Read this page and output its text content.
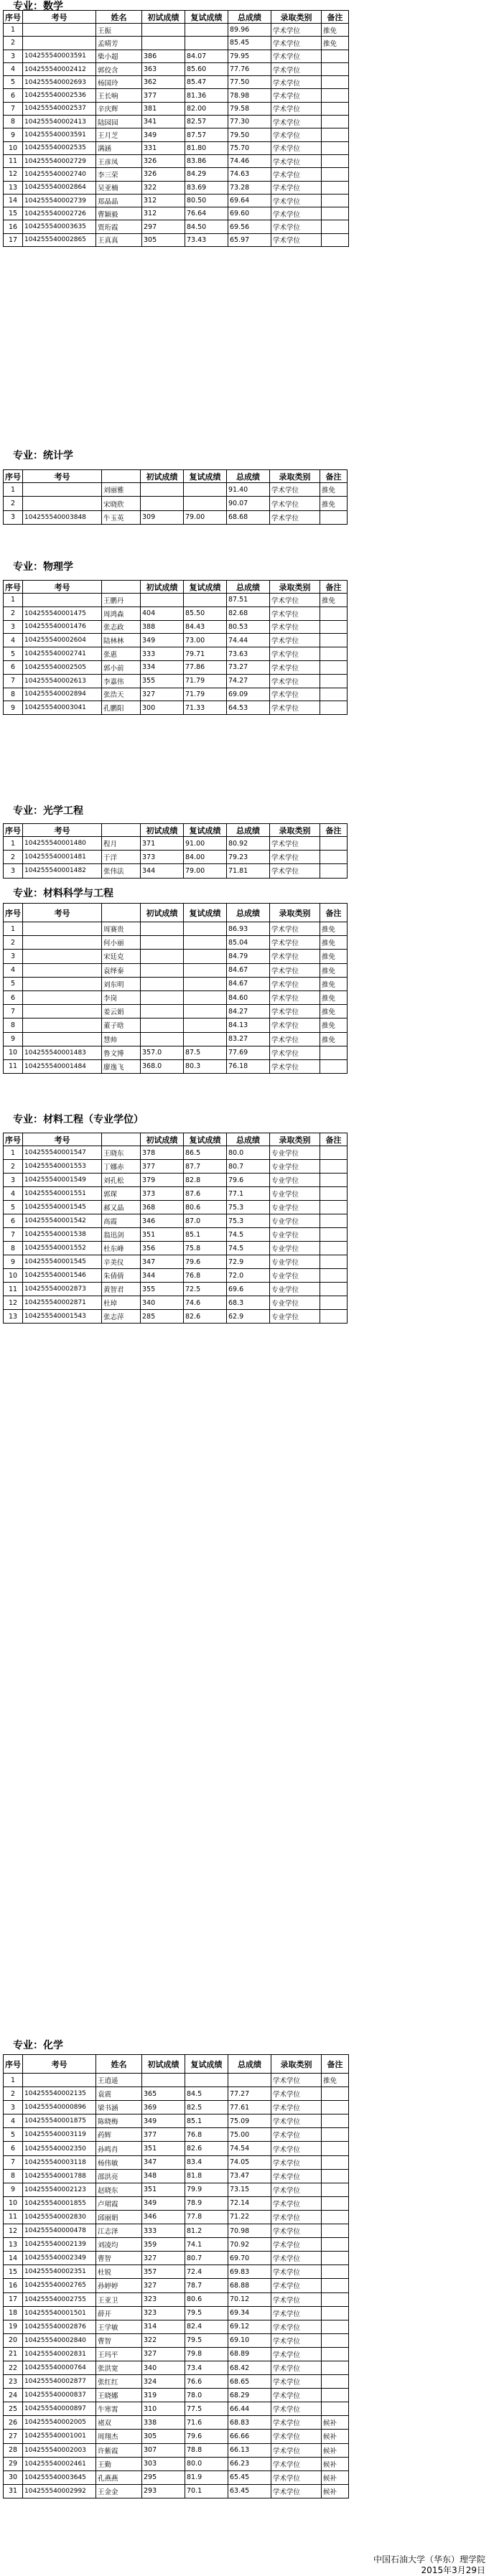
专业：数学
序号	考号	姓名	初试成绩	复试成绩	总成绩	录取类别	备注
1		王振			89.96	学术学位	推免
2		孟晴芳			85.45	学术学位	推免
3	104255540003591	柴小超	386	84.07	79.95	学术学位	
4	104255540002412	郭佼含	363	85.60	77.76	学术学位	
5	104255540002693	杨国玲	362	85.47	77.50	学术学位	
6	104255540002536	王长响	377	81.36	78.98	学术学位	
7	104255540002537	辛庆辉	381	82.00	79.58	学术学位	
8	104255540002413	陆园园	341	82.57	77.30	学术学位	
9	104255540003591	王月芝	349	87.57	79.50	学术学位	
10	104255540002535	满涵	331	81.80	75.70	学术学位	
11	104255540002729	王彦凤	326	83.86	74.46	学术学位	
12	104255540002740	李三荣	326	84.29	74.63	学术学位	
13	104255540002864	吴亚楠	322	83.69	73.28	学术学位	
14	104255540002739	郑晶晶	312	80.50	69.64	学术学位	
15	104255540002726	曹颖毅	312	76.64	69.60	学术学位	
16	104255540003635	贾珩霞	297	84.50	69.56	学术学位	
17	104255540002865	王真真	305	73.43	65.97	学术学位	
专业：统计学
序号	考号		初试成绩	复试成绩	总成绩	录取类别	备注
1		刘丽雅			91.40	学术学位	推免
2		宋晓欣			90.07	学术学位	推免
3	104255540003848	牛玉英	309	79.00	68.68	学术学位	
专业：物理学
序号	考号		初试成绩	复试成绩	总成绩	录取类别	备注
1		王鹏丹			87.51	学术学位	推免
2	104255540001475	周鸿森	404	85.50	82.68	学术学位	
3	104255540001476	张志政	388	84.43	80.53	学术学位	
4	104255540002604	陆林林	349	73.00	74.44	学术学位	
5	104255540002741	张惠	333	79.71	73.63	学术学位	
6	104255540002505	郭小前	334	77.86	73.27	学术学位	
7	104255540002613	李嘉伟	355	71.79	74.27	学术学位	
8	104255540002894	张浩天	327	71.79	69.09	学术学位	
9	104255540003041	孔鹏阳	300	71.33	64.53	学术学位	
专业：光学工程
序号	考号		初试成绩	复试成绩	总成绩	录取类别	备注
1	104255540001480	程月	371	91.00	80.92	学术学位	
2	104255540001481	于洋	373	84.00	79.23	学术学位	
3	104255540001482	张伟法	344	79.00	71.81	学术学位	
专业：材料科学与工程
序号	考号		初试成绩	复试成绩	总成绩	录取类别	备注
1		周赛贵			86.93	学术学位	推免
2		何小丽			85.04	学术学位	推免
3		宋廷克			84.79	学术学位	推免
4		袁绎秦			84.67	学术学位	推免
5		刘东明			84.67	学术学位	推免
6		李岗			84.60	学术学位	推免
7		姜云娟			84.27	学术学位	推免
8		董子晗			84.13	学术学位	推免
9		慧帅			83.27	学术学位	推免
10	104255540001483	鲁文博	357.0	87.5	77.69	学术学位	
11	104255540001484	廖逸飞	368.0	80.3	76.18	学术学位	
专业：材料工程（专业学位）
序号	考号		初试成绩	复试成绩	总成绩	录取类别	备注
1	104255540001547	王晓东	378	86.5	80.0	专业学位	
2	104255540001553	丁娜赤	377	87.7	80.7	专业学位	
3	104255540001549	刘孔松	379	82.8	79.6	专业学位	
4	104255540001551	郭琛	373	87.6	77.1	专业学位	
5	104255540001545	郝又晶	368	80.6	75.3	专业学位	
6	104255540001542	高霞	346	87.0	75.3	专业学位	
7	104255540001538	翁迅剑	351	85.1	74.5	专业学位	
8	104255540001552	杜东峰	356	75.8	74.5	专业学位	
9	104255540001545	辛美仪	347	79.6	72.9	专业学位	
10	104255540001546	朱倩倩	344	76.8	72.0	专业学位	
11	104255540002873	黄智君	355	72.5	69.6	专业学位	
12	104255540002871	杜琸	340	74.6	68.3	专业学位	
13	104255540001543	张志萍	285	82.6	62.9	专业学位	
专业：化学
序号	考号	姓名	初试成绩	复试成绩	总成绩	录取类别	备注
1		王逍遥				学术学位	推免
2	104255540002135	袁震	365	84.5	77.27	学术学位	
3	104255540000896	梁书涵	369	82.5	77.61	学术学位	
4	104255540001875	陈晓梅	349	85.1	75.09	学术学位	
5	104255540003119	药辉	377	76.8	75.00	学术学位	
6	104255540002350	孙鸣肖	351	82.6	74.54	学术学位	
7	104255540003118	杨伟敏	347	83.4	74.05	学术学位	
8	104255540001788	邵洪亮	348	81.8	73.47	学术学位	
9	104255540002123	赵晓东	351	79.9	73.15	学术学位	
10	104255540001855	卢珺霞	349	78.9	72.14	学术学位	
11	104255540002830	邱丽娟	346	77.8	71.22	学术学位	
12	104255540000478	江志泽	333	81.2	70.98	学术学位	
13	104255540002139	刘凌均	359	74.1	70.92	学术学位	
14	104255540002349	曹智	327	80.7	69.70	学术学位	
15	104255540002351	杜锐	357	72.4	69.83	学术学位	
16	104255540002765	孙婷婷	327	78.7	68.88	学术学位	
17	104255540002755	王亚卫	323	80.6	70.12	学术学位	
18	104255540001501	薛开	323	79.5	69.34	学术学位	
19	104255540002876	王学敏	314	82.4	69.12	学术学位	
20	104255540002840	曹智	322	79.5	69.10	学术学位	
21	104255540002831	王玛平	327	79.8	68.89	学术学位	
22	104255540000764	张洪宽	340	73.4	68.42	学术学位	
23	104255540002877	张红红	324	76.6	68.65	学术学位	
24	104255540000837	王晓娜	319	78.0	68.29	学术学位	
25	104255540000897	牛寒霄	310	77.5	66.44	学术学位	
26	104255540002005	褚双	338	71.6	68.83	学术学位	候补
27	104255540001001	周翔杰	305	79.6	66.66	学术学位	候补
28	104255540002003	许紫霞	307	78.8	66.13	学术学位	候补
29	104255540002461	王勤	303	80.0	66.23	学术学位	候补
30	104255540003645	孔燕燕	295	81.9	65.45	学术学位	候补
31	104255540002992	王金金	293	70.1	63.45	学术学位	候补
中国石油大学（华东）理学院
2015年3月29日
